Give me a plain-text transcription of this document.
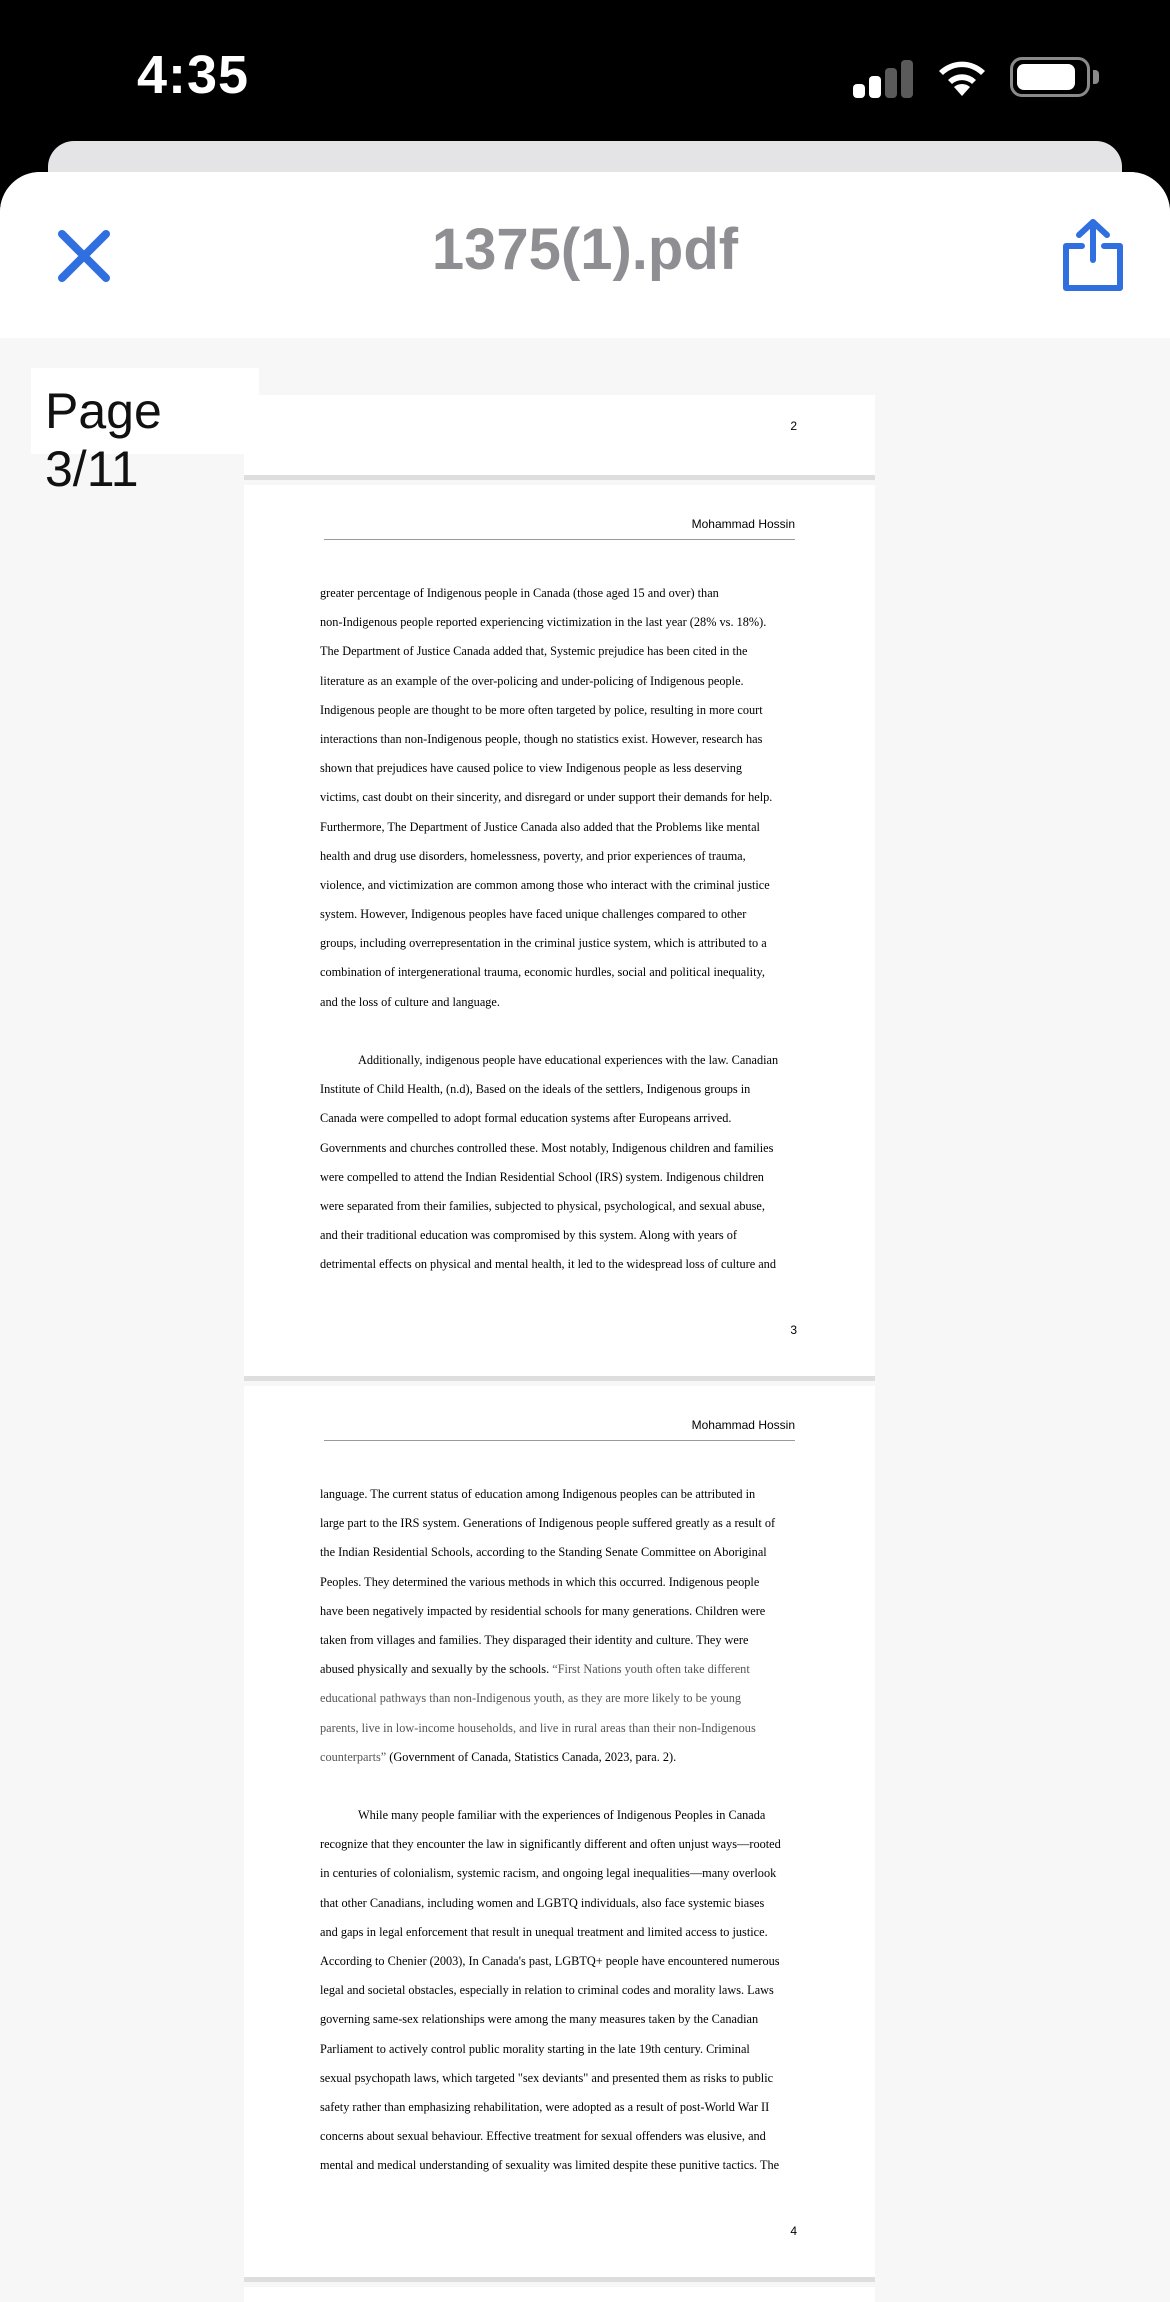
4:35
1375(1).pdf
2
Mohammad Hossin
greater percentage of Indigenous people in Canada (those aged 15 and over) than
non-Indigenous people reported experiencing victimization in the last year (28% vs. 18%).
The Department of Justice Canada added that, Systemic prejudice has been cited in the
literature as an example of the over-policing and under-policing of Indigenous people.
Indigenous people are thought to be more often targeted by police, resulting in more court
interactions than non-Indigenous people, though no statistics exist. However, research has
shown that prejudices have caused police to view Indigenous people as less deserving
victims, cast doubt on their sincerity, and disregard or under support their demands for help.
Furthermore, The Department of Justice Canada also added that the Problems like mental
health and drug use disorders, homelessness, poverty, and prior experiences of trauma,
violence, and victimization are common among those who interact with the criminal justice
system. However, Indigenous peoples have faced unique challenges compared to other
groups, including overrepresentation in the criminal justice system, which is attributed to a
combination of intergenerational trauma, economic hurdles, social and political inequality,
and the loss of culture and language.
Additionally, indigenous people have educational experiences with the law. Canadian
Institute of Child Health, (n.d), Based on the ideals of the settlers, Indigenous groups in
Canada were compelled to adopt formal education systems after Europeans arrived.
Governments and churches controlled these. Most notably, Indigenous children and families
were compelled to attend the Indian Residential School (IRS) system. Indigenous children
were separated from their families, subjected to physical, psychological, and sexual abuse,
and their traditional education was compromised by this system. Along with years of
detrimental effects on physical and mental health, it led to the widespread loss of culture and
3
Mohammad Hossin
language. The current status of education among Indigenous peoples can be attributed in
large part to the IRS system. Generations of Indigenous people suffered greatly as a result of
the Indian Residential Schools, according to the Standing Senate Committee on Aboriginal
Peoples. They determined the various methods in which this occurred. Indigenous people
have been negatively impacted by residential schools for many generations. Children were
taken from villages and families. They disparaged their identity and culture. They were
abused physically and sexually by the schools. “First Nations youth often take different
educational pathways than non-Indigenous youth, as they are more likely to be young
parents, live in low-income households, and live in rural areas than their non-Indigenous
counterparts” (Government of Canada, Statistics Canada, 2023, para. 2).
While many people familiar with the experiences of Indigenous Peoples in Canada
recognize that they encounter the law in significantly different and often unjust ways—rooted
in centuries of colonialism, systemic racism, and ongoing legal inequalities—many overlook
that other Canadians, including women and LGBTQ individuals, also face systemic biases
and gaps in legal enforcement that result in unequal treatment and limited access to justice.
According to Chenier (2003), In Canada's past, LGBTQ+ people have encountered numerous
legal and societal obstacles, especially in relation to criminal codes and morality laws. Laws
governing same-sex relationships were among the many measures taken by the Canadian
Parliament to actively control public morality starting in the late 19th century. Criminal
sexual psychopath laws, which targeted "sex deviants" and presented them as risks to public
safety rather than emphasizing rehabilitation, were adopted as a result of post-World War II
concerns about sexual behaviour. Effective treatment for sexual offenders was elusive, and
mental and medical understanding of sexuality was limited despite these punitive tactics. The
4
Page 3/11
